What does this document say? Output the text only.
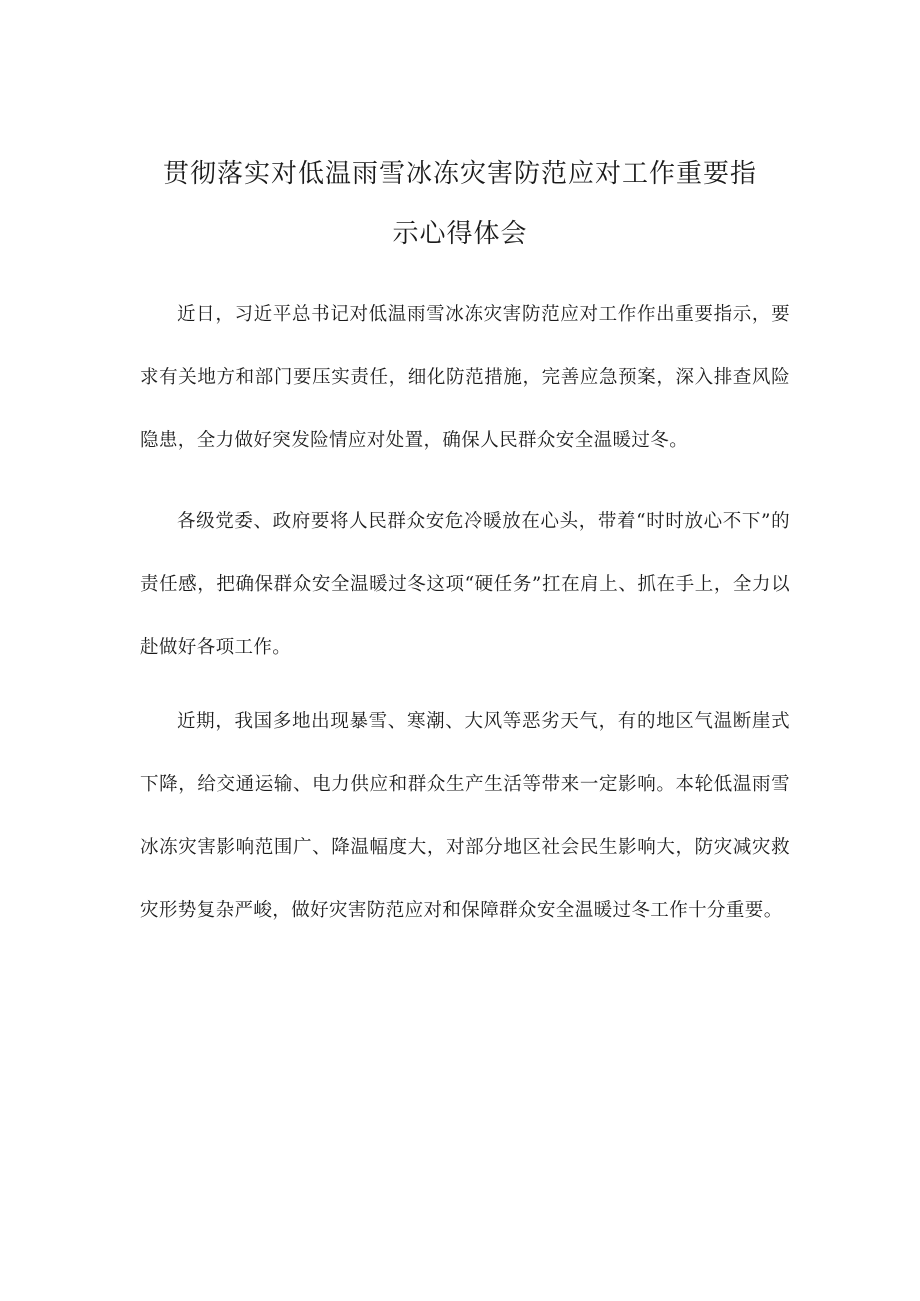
贯彻落实对低温雨雪冰冻灾害防范应对工作重要指
示心得体会

近日，习近平总书记对低温雨雪冰冻灾害防范应对工作作出重要指示，要求有关地方和部门要压实责任，细化防范措施，完善应急预案，深入排查风险隐患，全力做好突发险情应对处置，确保人民群众安全温暖过冬。

各级党委、政府要将人民群众安危冷暖放在心头，带着“时时放心不下”的责任感，把确保群众安全温暖过冬这项“硬任务”扛在肩上、抓在手上，全力以赴做好各项工作。

近期，我国多地出现暴雪、寒潮、大风等恶劣天气，有的地区气温断崖式下降，给交通运输、电力供应和群众生产生活等带来一定影响。本轮低温雨雪冰冻灾害影响范围广、降温幅度大，对部分地区社会民生影响大，防灾减灾救灾形势复杂严峻，做好灾害防范应对和保障群众安全温暖过冬工作十分重要。
